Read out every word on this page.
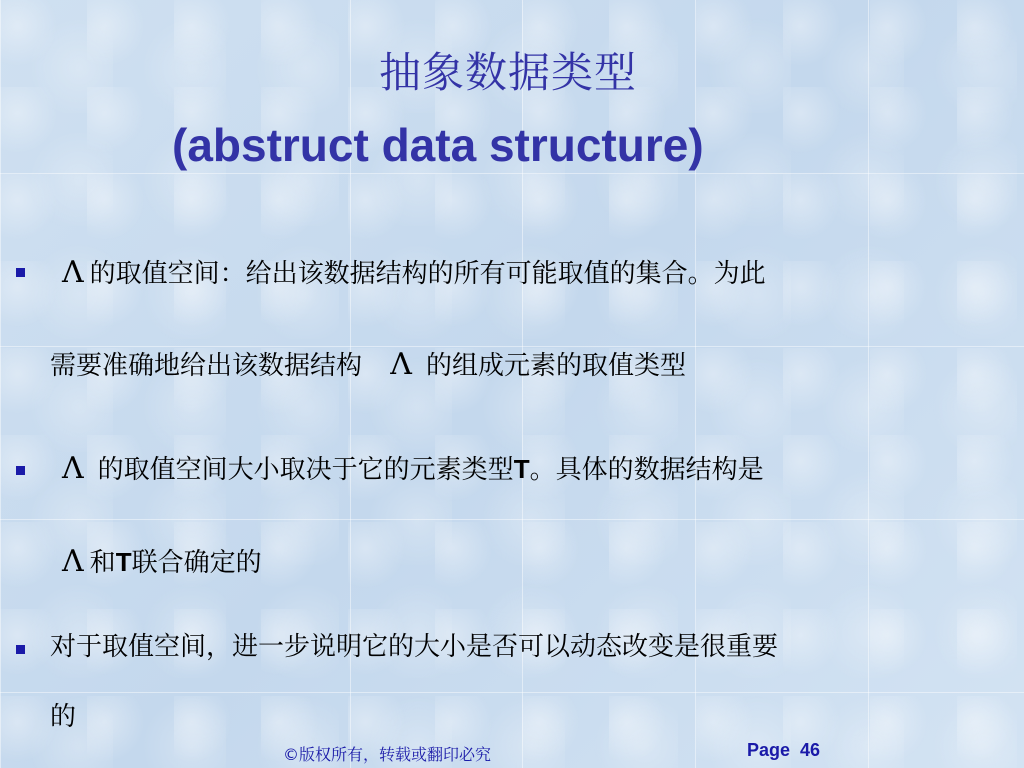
抽象数据类型
(abstruct data structure)
Λ 的取值空间：给出该数据结构的所有可能取值的集合。为此
需要准确地给出该数据结构 Λ 的组成元素的取值类型
Λ 的取值空间大小取决于它的元素类型T。具体的数据结构是
Λ 和T联合确定的
对于取值空间，进一步说明它的大小是否可以动态改变是很重要
的
©版权所有，转载或翻印必究	Page 46
